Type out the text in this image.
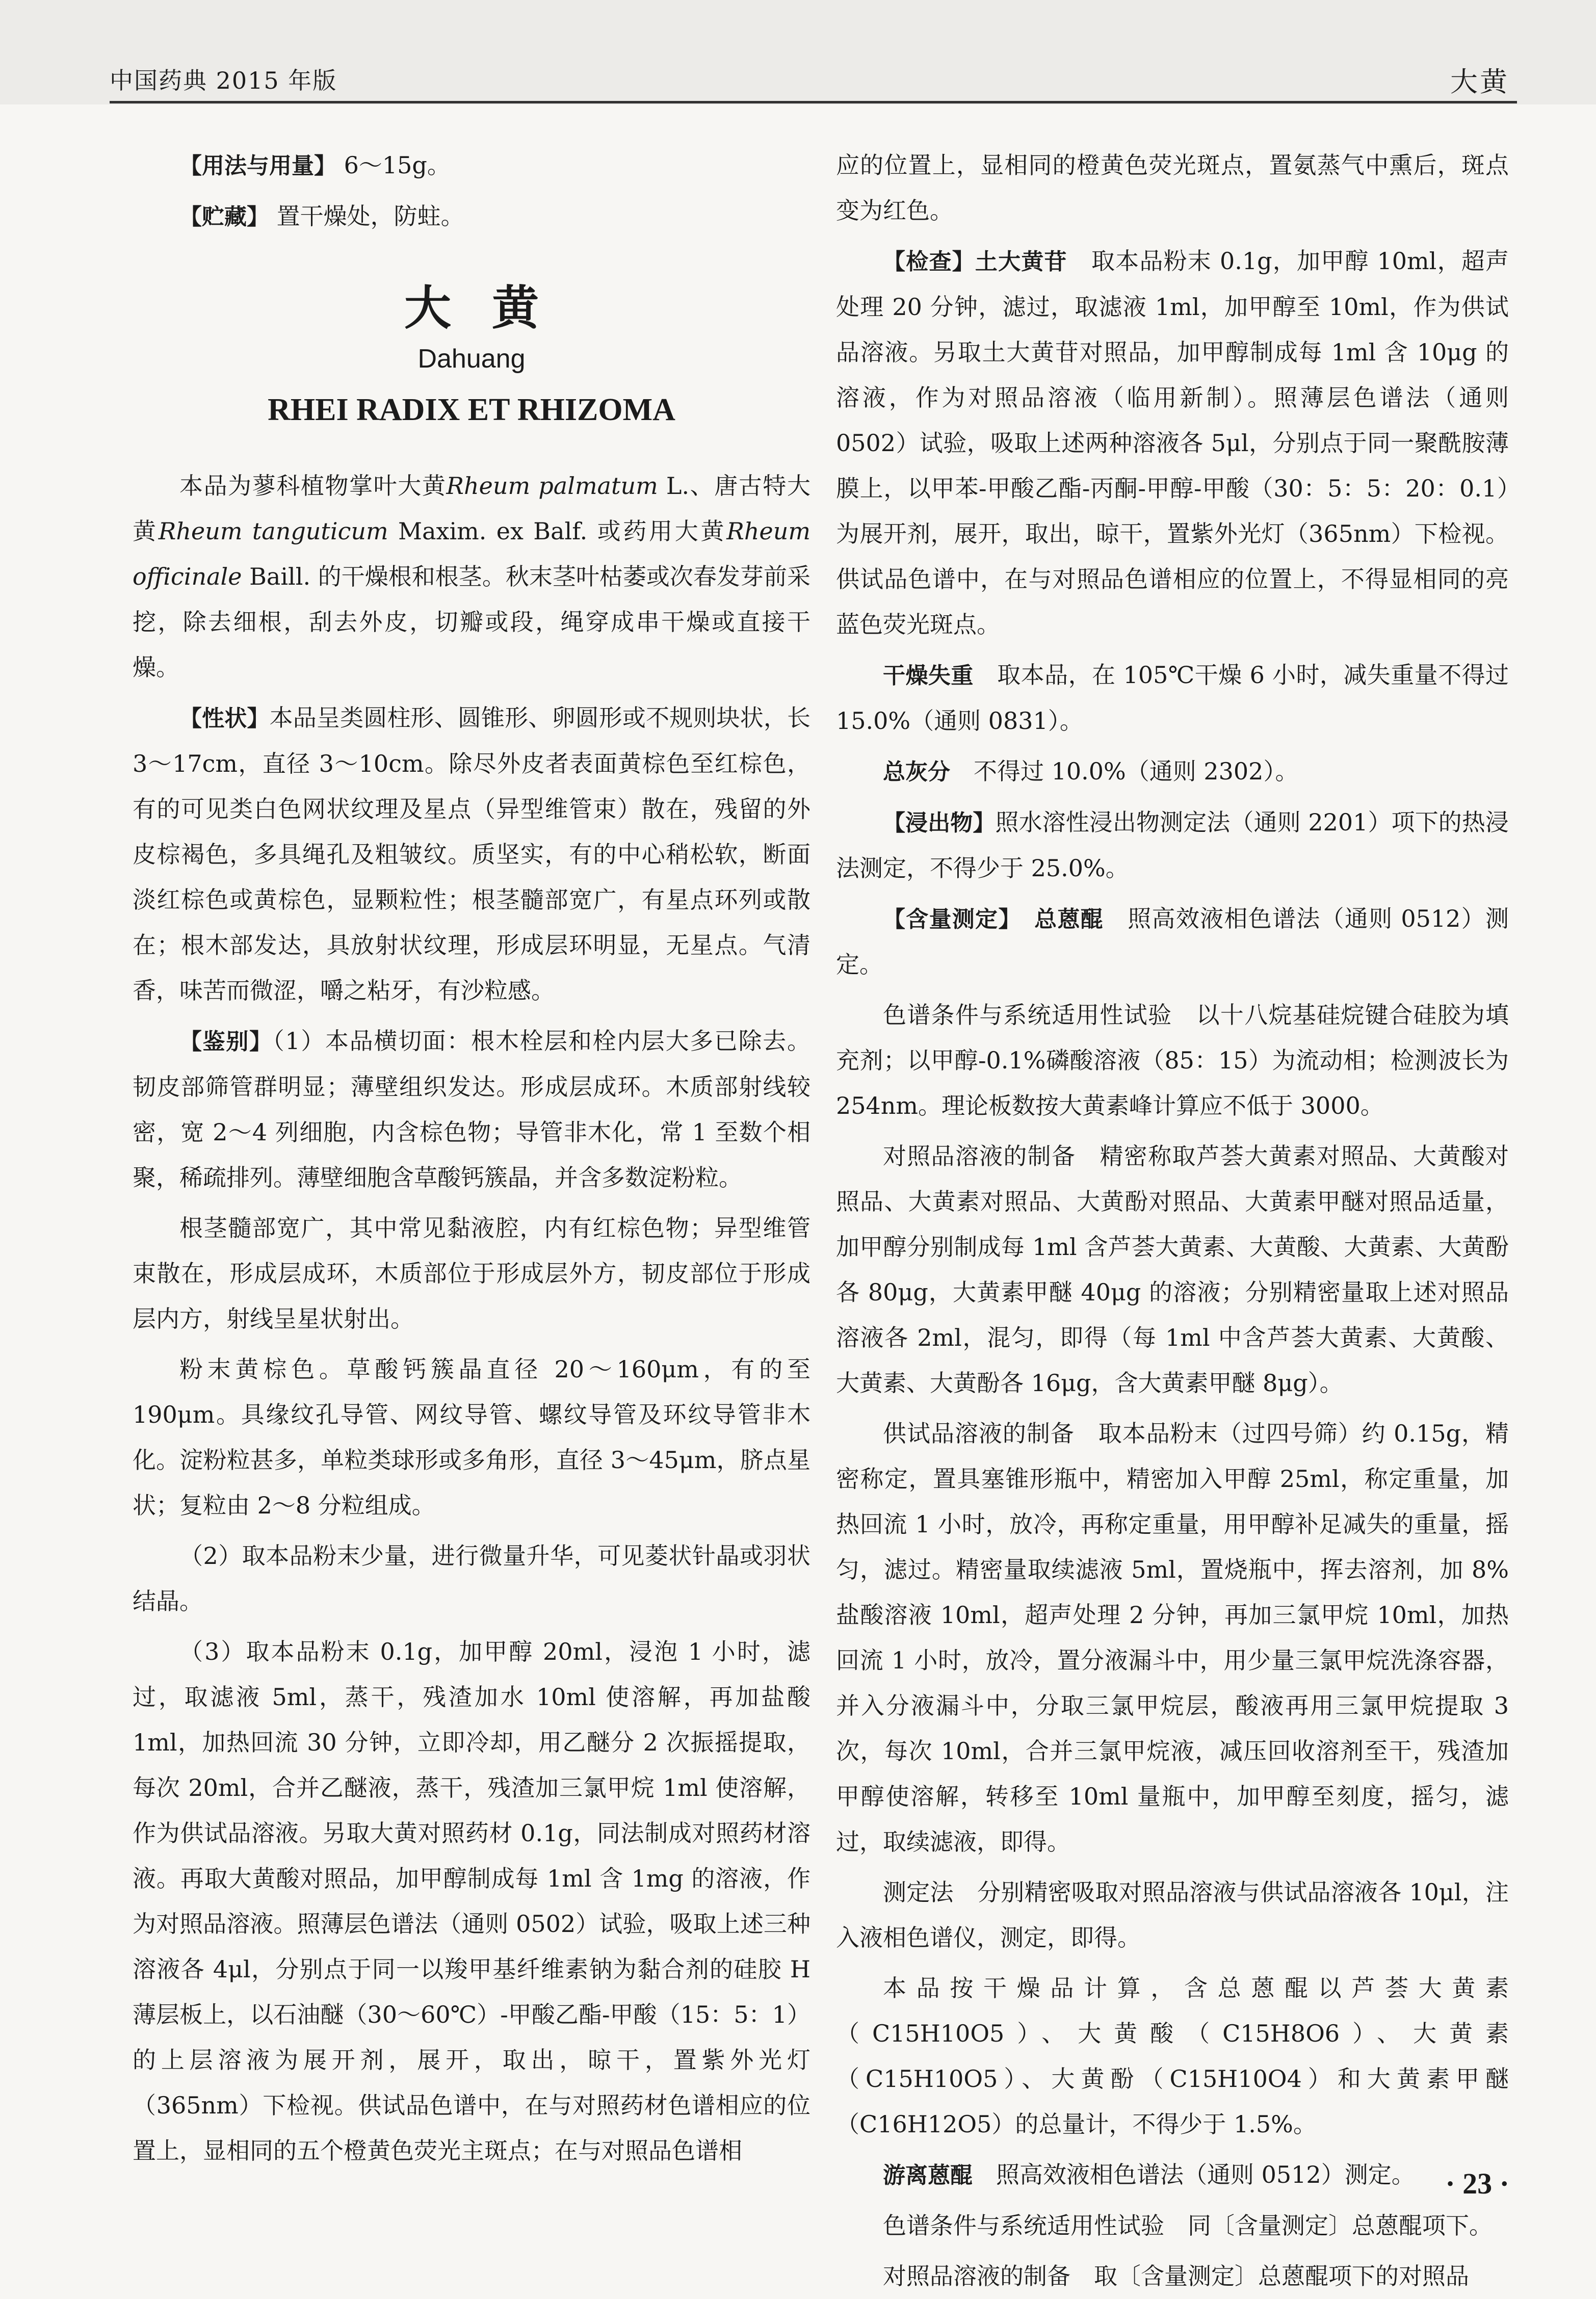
中国药典 2015 年版	大黄

【用法与用量】 6～15g。

【贮藏】 置干燥处，防蛀。

大黄
Dahuang
RHEI RADIX ET RHIZOMA

本品为蓼科植物掌叶大黄Rheum palmatum L.、唐古特大黄Rheum tanguticum Maxim. ex Balf. 或药用大黄Rheum officinale Baill. 的干燥根和根茎。秋末茎叶枯萎或次春发芽前采挖，除去细根，刮去外皮，切瓣或段，绳穿成串干燥或直接干燥。

【性状】本品呈类圆柱形、圆锥形、卵圆形或不规则块状，长 3～17cm，直径 3～10cm。除尽外皮者表面黄棕色至红棕色，有的可见类白色网状纹理及星点（异型维管束）散在，残留的外皮棕褐色，多具绳孔及粗皱纹。质坚实，有的中心稍松软，断面淡红棕色或黄棕色，显颗粒性；根茎髓部宽广，有星点环列或散在；根木部发达，具放射状纹理，形成层环明显，无星点。气清香，味苦而微涩，嚼之粘牙，有沙粒感。

【鉴别】（1）本品横切面：根木栓层和栓内层大多已除去。韧皮部筛管群明显；薄壁组织发达。形成层成环。木质部射线较密，宽 2～4 列细胞，内含棕色物；导管非木化，常 1 至数个相聚，稀疏排列。薄壁细胞含草酸钙簇晶，并含多数淀粉粒。

根茎髓部宽广，其中常见黏液腔，内有红棕色物；异型维管束散在，形成层成环，木质部位于形成层外方，韧皮部位于形成层内方，射线呈星状射出。

粉末黄棕色。草酸钙簇晶直径 20～160μm，有的至 190μm。具缘纹孔导管、网纹导管、螺纹导管及环纹导管非木化。淀粉粒甚多，单粒类球形或多角形，直径 3～45μm，脐点星状；复粒由 2～8 分粒组成。

（2）取本品粉末少量，进行微量升华，可见菱状针晶或羽状结晶。

（3）取本品粉末 0.1g，加甲醇 20ml，浸泡 1 小时，滤过，取滤液 5ml，蒸干，残渣加水 10ml 使溶解，再加盐酸 1ml，加热回流 30 分钟，立即冷却，用乙醚分 2 次振摇提取，每次 20ml，合并乙醚液，蒸干，残渣加三氯甲烷 1ml 使溶解，作为供试品溶液。另取大黄对照药材 0.1g，同法制成对照药材溶液。再取大黄酸对照品，加甲醇制成每 1ml 含 1mg 的溶液，作为对照品溶液。照薄层色谱法（通则 0502）试验，吸取上述三种溶液各 4μl，分别点于同一以羧甲基纤维素钠为黏合剂的硅胶 H 薄层板上，以石油醚（30～60℃）-甲酸乙酯-甲酸（15：5：1）的上层溶液为展开剂，展开，取出，晾干，置紫外光灯（365nm）下检视。供试品色谱中，在与对照药材色谱相应的位置上，显相同的五个橙黄色荧光主斑点；在与对照品色谱相

应的位置上，显相同的橙黄色荧光斑点，置氨蒸气中熏后，斑点变为红色。

【检查】土大黄苷　 取本品粉末 0.1g，加甲醇 10ml，超声处理 20 分钟，滤过，取滤液 1ml，加甲醇至 10ml，作为供试品溶液。另取土大黄苷对照品，加甲醇制成每 1ml 含 10μg 的溶液，作为对照品溶液（临用新制）。照薄层色谱法（通则 0502）试验，吸取上述两种溶液各 5μl，分别点于同一聚酰胺薄膜上，以甲苯-甲酸乙酯-丙酮-甲醇-甲酸（30：5：5：20：0.1）为展开剂，展开，取出，晾干，置紫外光灯（365nm）下检视。供试品色谱中，在与对照品色谱相应的位置上，不得显相同的亮蓝色荧光斑点。

干燥失重　 取本品，在 105℃干燥 6 小时，减失重量不得过 15.0%（通则 0831）。

总灰分　 不得过 10.0%（通则 2302）。

【浸出物】照水溶性浸出物测定法（通则 2201）项下的热浸法测定，不得少于 25.0%。

【含量测定】　 总蒽醌　 照高效液相色谱法（通则 0512）测定。

色谱条件与系统适用性试验　以十八烷基硅烷键合硅胶为填充剂；以甲醇-0.1%磷酸溶液（85：15）为流动相；检测波长为 254nm。理论板数按大黄素峰计算应不低于 3000。

对照品溶液的制备　精密称取芦荟大黄素对照品、大黄酸对照品、大黄素对照品、大黄酚对照品、大黄素甲醚对照品适量，加甲醇分别制成每 1ml 含芦荟大黄素、大黄酸、大黄素、大黄酚各 80μg，大黄素甲醚 40μg 的溶液；分别精密量取上述对照品溶液各 2ml，混匀，即得（每 1ml 中含芦荟大黄素、大黄酸、大黄素、大黄酚各 16μg，含大黄素甲醚 8μg）。

供试品溶液的制备　取本品粉末（过四号筛）约 0.15g，精密称定，置具塞锥形瓶中，精密加入甲醇 25ml，称定重量，加热回流 1 小时，放冷，再称定重量，用甲醇补足减失的重量，摇匀，滤过。精密量取续滤液 5ml，置烧瓶中，挥去溶剂，加 8%盐酸溶液 10ml，超声处理 2 分钟，再加三氯甲烷 10ml，加热回流 1 小时，放冷，置分液漏斗中，用少量三氯甲烷洗涤容器，并入分液漏斗中，分取三氯甲烷层，酸液再用三氯甲烷提取 3 次，每次 10ml，合并三氯甲烷液，减压回收溶剂至干，残渣加甲醇使溶解，转移至 10ml 量瓶中，加甲醇至刻度，摇匀，滤过，取续滤液，即得。

测定法　分别精密吸取对照品溶液与供试品溶液各 10μl，注入液相色谱仪，测定，即得。

本品按干燥品计算，含总蒽醌以芦荟大黄素（C15H10O5）、大黄酸（C15H8O6）、大黄素（C15H10O5）、大黄酚（C15H10O4）和大黄素甲醚（C16H12O5）的总量计，不得少于 1.5%。

游离蒽醌　 照高效液相色谱法（通则 0512）测定。

色谱条件与系统适用性试验　同〔含量测定〕总蒽醌项下。

对照品溶液的制备　取〔含量测定〕总蒽醌项下的对照品

· 23 ·
